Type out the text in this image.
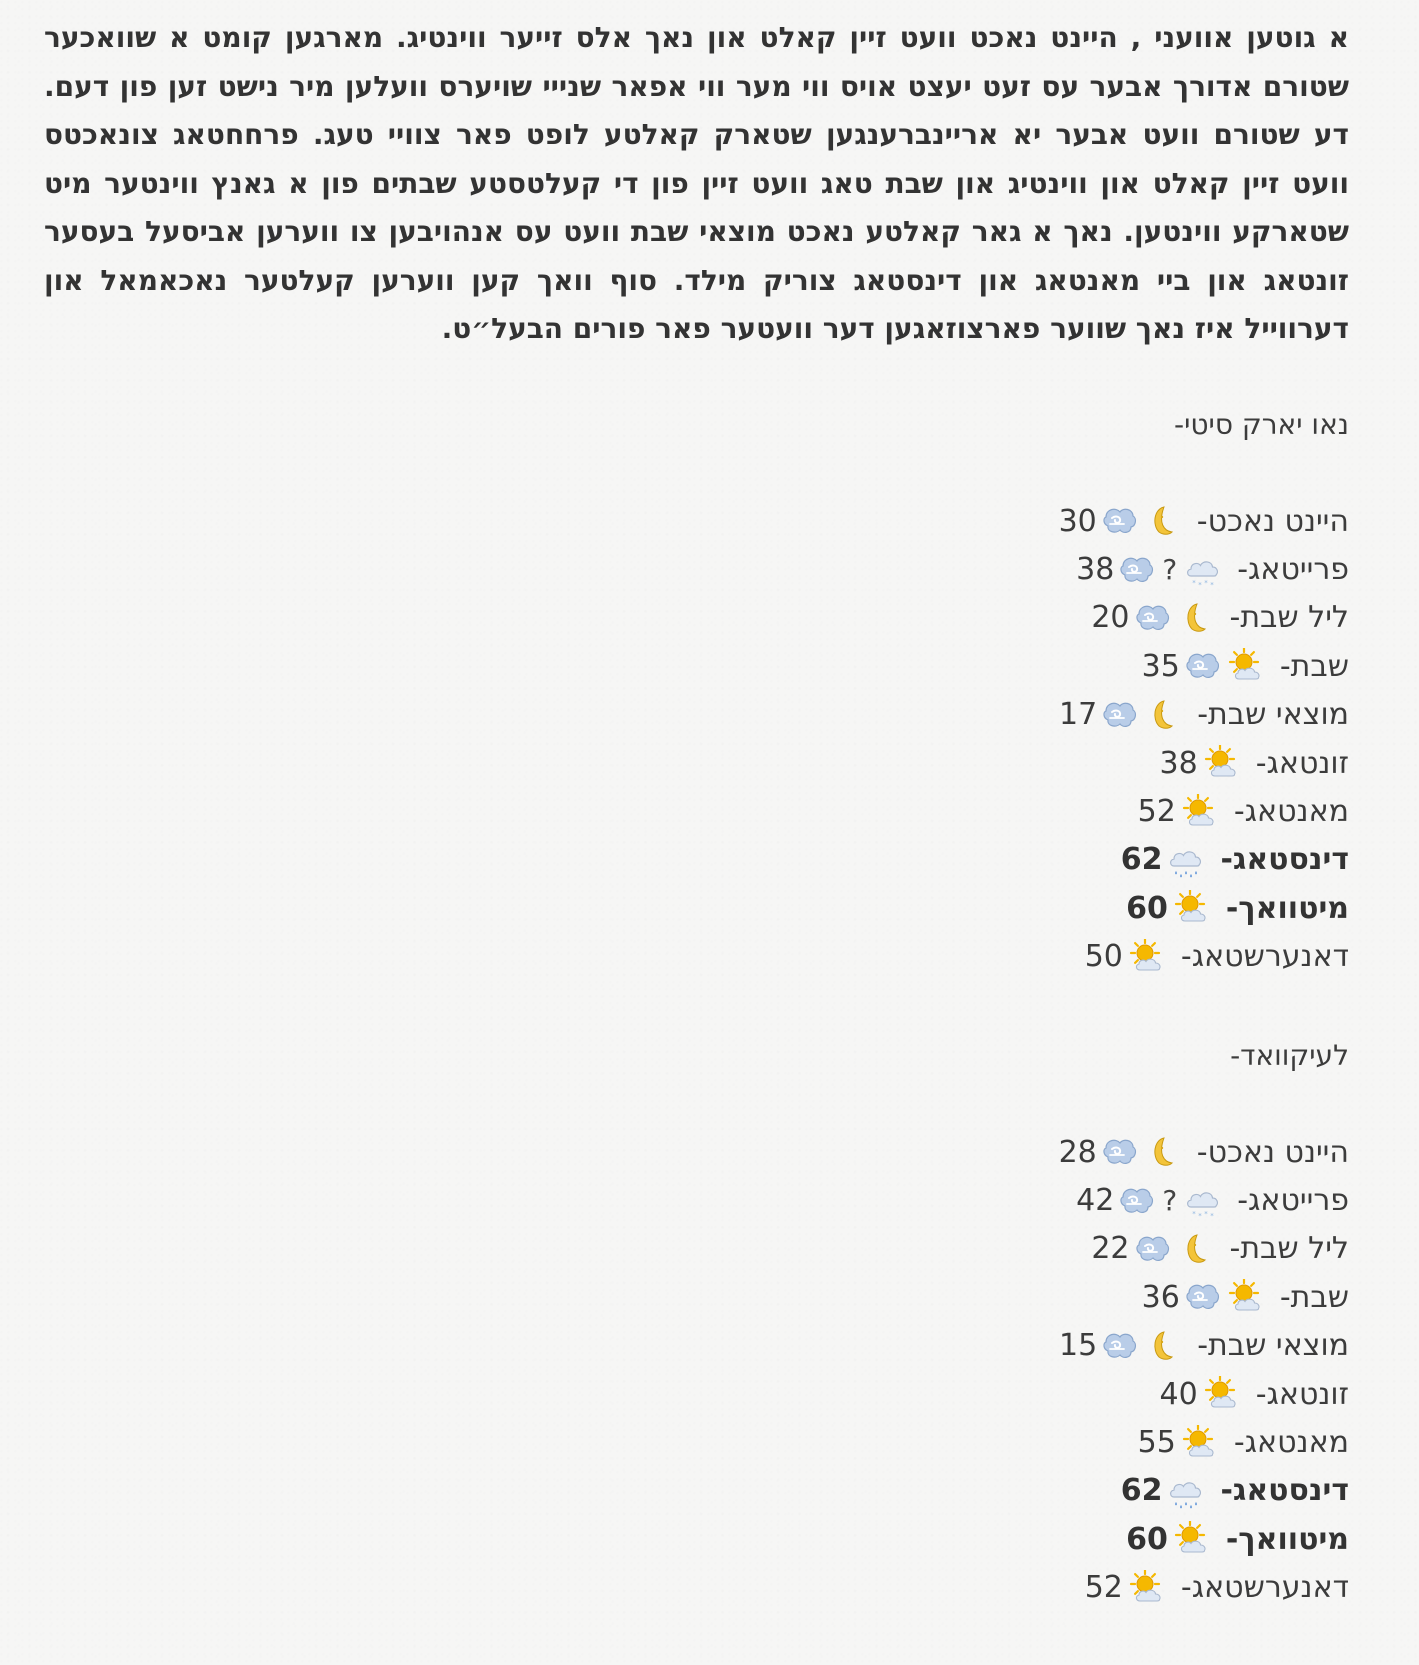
א גוטען אוועני , היינט נאכט וועט זיין קאלט און נאך אלס זייער ווינטיג. מארגען קומט א שוואכער שטורם אדורך אבער עס זעט יעצט אויס ווי מער ווי אפאר שנייי שויערס וועלען מיר נישט זען פון דעם. דע שטורם וועט אבער יא אריינברענגען שטארק קאלטע לופט פאר צוויי טעג. פרחחטאג צונאכטס וועט זיין קאלט און ווינטיג און שבת טאג וועט זיין פון די קעלטסטע שבתים פון א גאנץ ווינטער מיט שטארקע ווינטען. נאך א גאר קאלטע נאכט מוצאי שבת וועט עס אנהויבען צו ווערען אביסעל בעסער זונטאג און ביי מאנטאג און דינסטאג צוריק מילד. סוף וואך קען ווערען קעלטער נאכאמאל און דערווייל איז נאך שווער פארצוזאגען דער וועטער פאר פורים הבעל״ט.
נאו יארק סיטי-
היינט נאכט-
30
פרייטאג-
* * * *
?
38
ליל שבת-
20
שבת-
35
מוצאי שבת-
17
זונטאג-
38
מאנטאג-
52
דינסטאג-
62
מיטוואך-
60
דאנערשטאג-
50
לעיקוואד-
היינט נאכט-
28
פרייטאג-
* * * *
?
42
ליל שבת-
22
שבת-
36
מוצאי שבת-
15
זונטאג-
40
מאנטאג-
55
דינסטאג-
62
מיטוואך-
60
דאנערשטאג-
52
